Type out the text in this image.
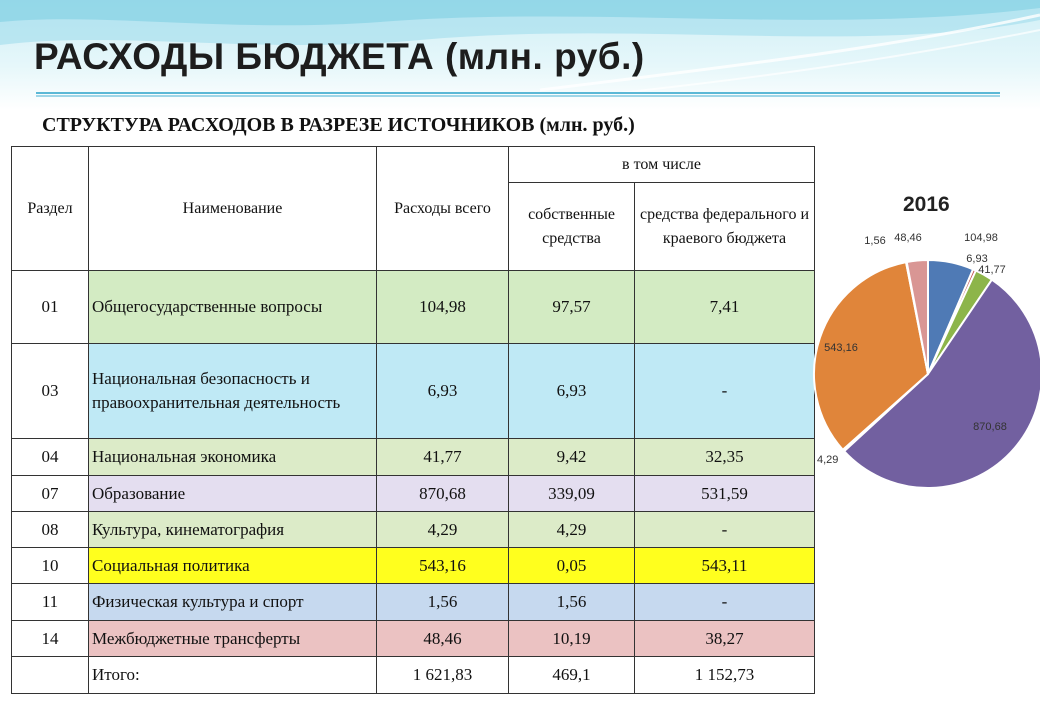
РАСХОДЫ БЮДЖЕТА (млн. руб.)
СТРУКТУРА РАСХОДОВ В РАЗРЕЗЕ ИСТОЧНИКОВ (млн. руб.)
Раздел	Наименование	Расходы всего	в том числе	
			собственные средства	средства федерального и краевого бюджета
01	Общегосударственные вопросы	104,98	97,57	7,41
03	Национальная безопасность и правоохранительная деятельность	6,93	6,93	-
04	Национальная экономика	41,77	9,42	32,35
07	Образование	870,68	339,09	531,59
08	Культура, кинематография	4,29	4,29	-
10	Социальная политика	543,16	0,05	543,11
11	Физическая культура и спорт	1,56	1,56	-
14	Межбюджетные трансферты	48,46	10,19	38,27
	Итого:	1 621,83	469,1	1 152,73
2016
104,98
6,93
41,77
870,68
4,29
543,16
1,56 48,46
